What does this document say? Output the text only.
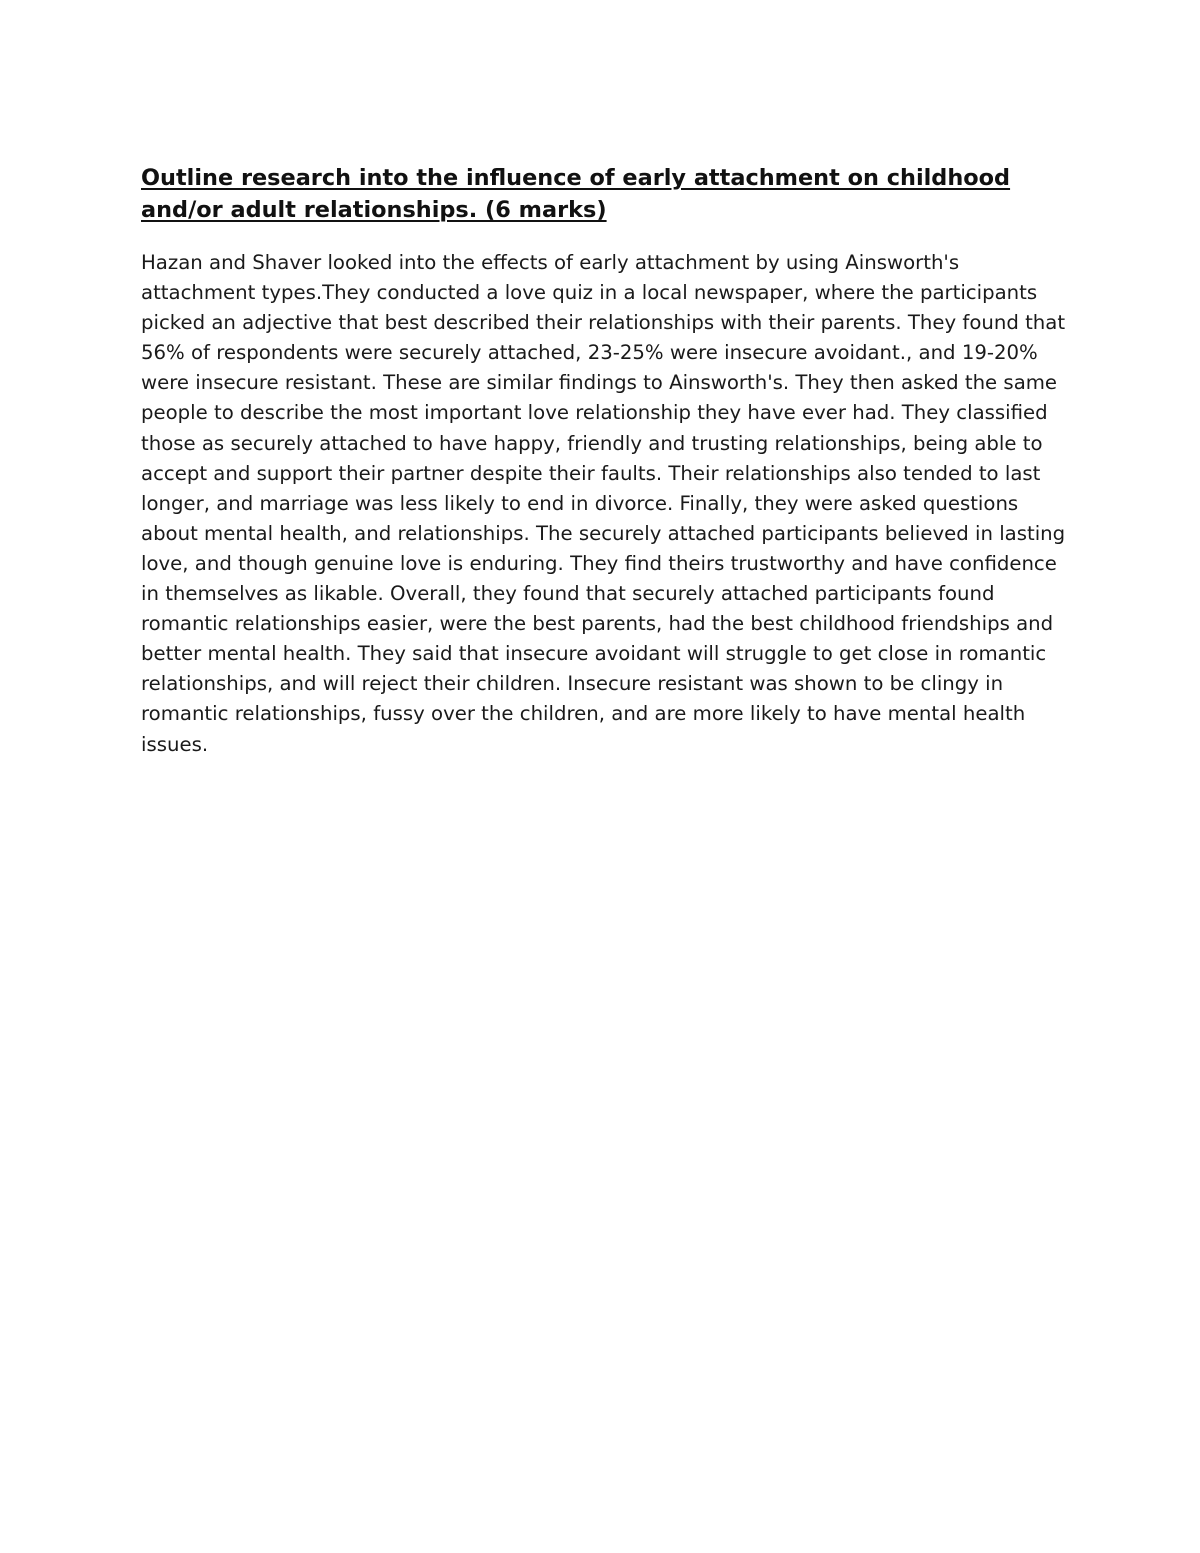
Outline research into the influence of early attachment on childhood and/or adult relationships. (6 marks)

Hazan and Shaver looked into the effects of early attachment by using Ainsworth's attachment types.They conducted a love quiz in a local newspaper, where the participants picked an adjective that best described their relationships with their parents. They found that 56% of respondents were securely attached, 23-25% were insecure avoidant., and 19-20% were insecure resistant. These are similar findings to Ainsworth's. They then asked the same people to describe the most important love relationship they have ever had. They classified those as securely attached to have happy, friendly and trusting relationships, being able to accept and support their partner despite their faults. Their relationships also tended to last longer, and marriage was less likely to end in divorce. Finally, they were asked questions about mental health, and relationships. The securely attached participants believed in lasting love, and though genuine love is enduring. They find theirs trustworthy and have confidence in themselves as likable. Overall, they found that securely attached participants found romantic relationships easier, were the best parents, had the best childhood friendships and better mental health. They said that insecure avoidant will struggle to get close in romantic relationships, and will reject their children. Insecure resistant was shown to be clingy in romantic relationships, fussy over the children, and are more likely to have mental health issues.
